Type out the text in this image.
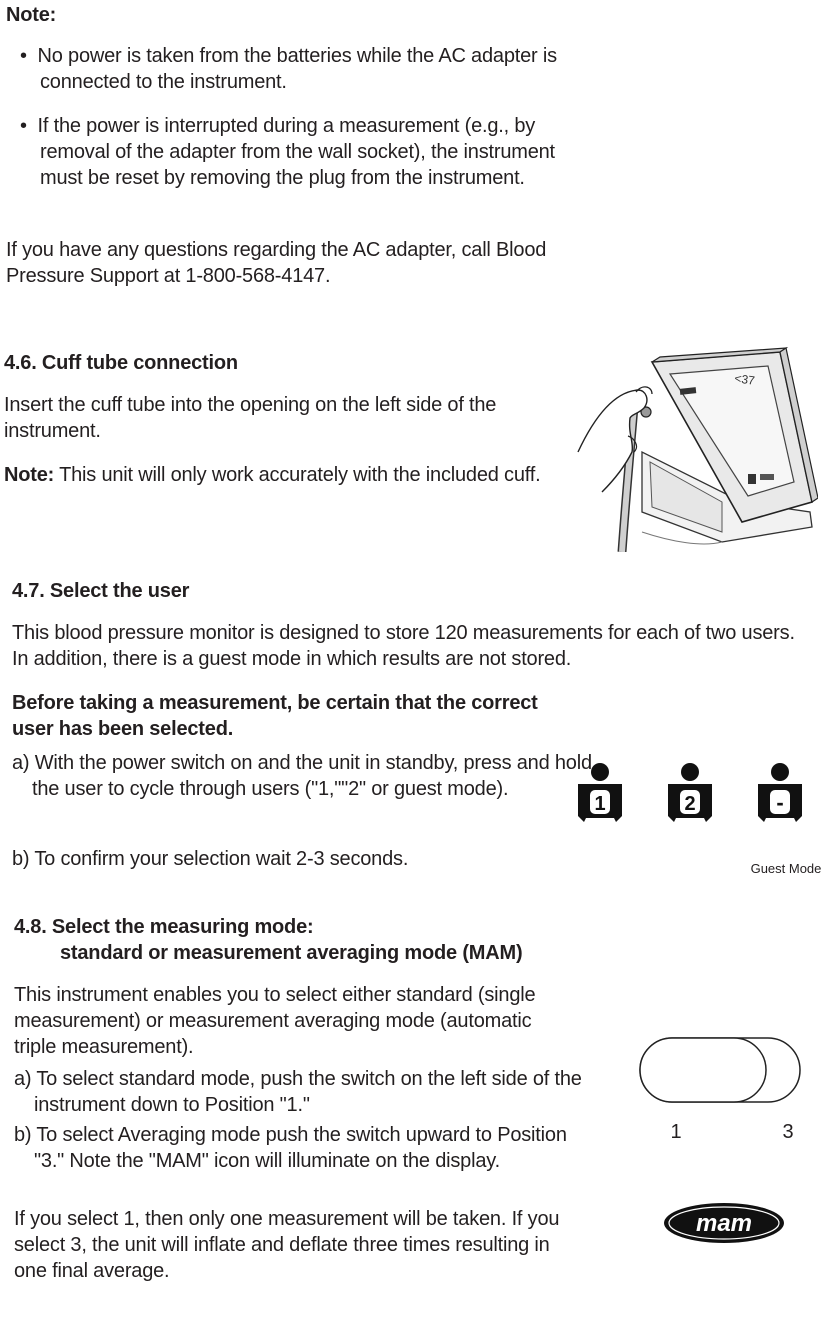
Note:
•  No power is taken from the batteries while the AC adapter is connected to the instrument.
•  If the power is interrupted during a measurement (e.g., by removal of the adapter from the wall socket), the instrument must be reset by removing the plug from the instrument.
If you have any questions regarding the AC adapter, call Blood Pressure Support at 1-800-568-4147.
4.6. Cuff tube connection
Insert the cuff tube into the opening on the left side of the instrument.
Note: This unit will only work accurately with the included cuff.
<37
4.7. Select the user
This blood pressure monitor is designed to store 120 measurements for each of two users. In addition, there is a guest mode in which results are not stored.
Before taking a measurement, be certain that the correct user has been selected.
a) With the power switch on and the unit in standby, press and hold the user to cycle through users ("1,""2" or guest mode).
b) To confirm your selection wait 2-3 seconds.
1	2	-
Guest Mode
4.8. Select the measuring mode:
standard or measurement averaging mode (MAM)
This instrument enables you to select either standard (single measurement) or measurement averaging mode (automatic triple measurement).
a) To select standard mode, push the switch on the left side of the instrument down to Position "1."
b) To select Averaging mode push the switch upward to Position "3." Note the "MAM" icon will illuminate on the display.
If you select 1, then only one measurement will be taken. If you select 3, the unit will inflate and deflate three times resulting in one final average.
1	3
mam
